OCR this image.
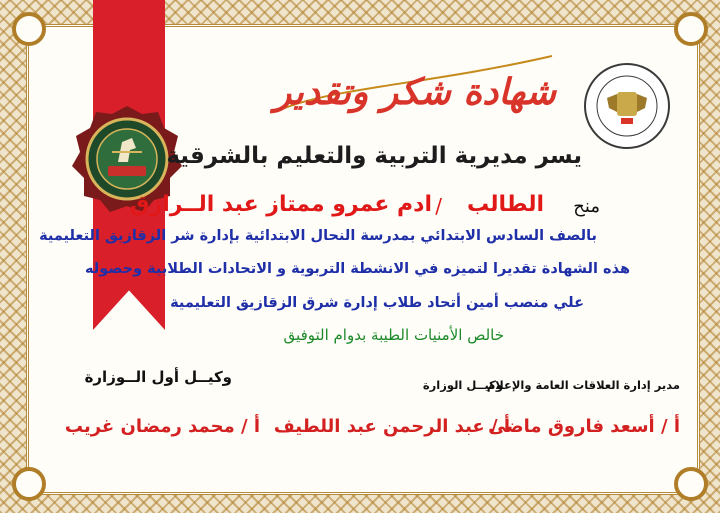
شهادة شكر وتقدير
يسر مديرية التربية والتعليم بالشرقية
منح
الطالب
/
ادم عمرو ممتاز عبد الــرازق
بالصف السادس الابتدائي بمدرسة النحال الابتدائية بإدارة شر الزقازيق التعليمية
هذه الشهادة تقديرا لتميزه في الانشطة التربوية و الاتحادات الطلابية وحصوله
علي منصب أمين أتحاد طلاب إدارة شرق الزقازيق التعليمية
خالص الأمنيات الطيبة بدوام التوفيق
وكيــل أول الــوزارة	وكيــل الوزارة
مدير إدارة العلاقات العامة والإعلام
أ / محمد رمضان غريب أ / عبد الرحمن عبد اللطيف
أ / أسعد فاروق ماضى
